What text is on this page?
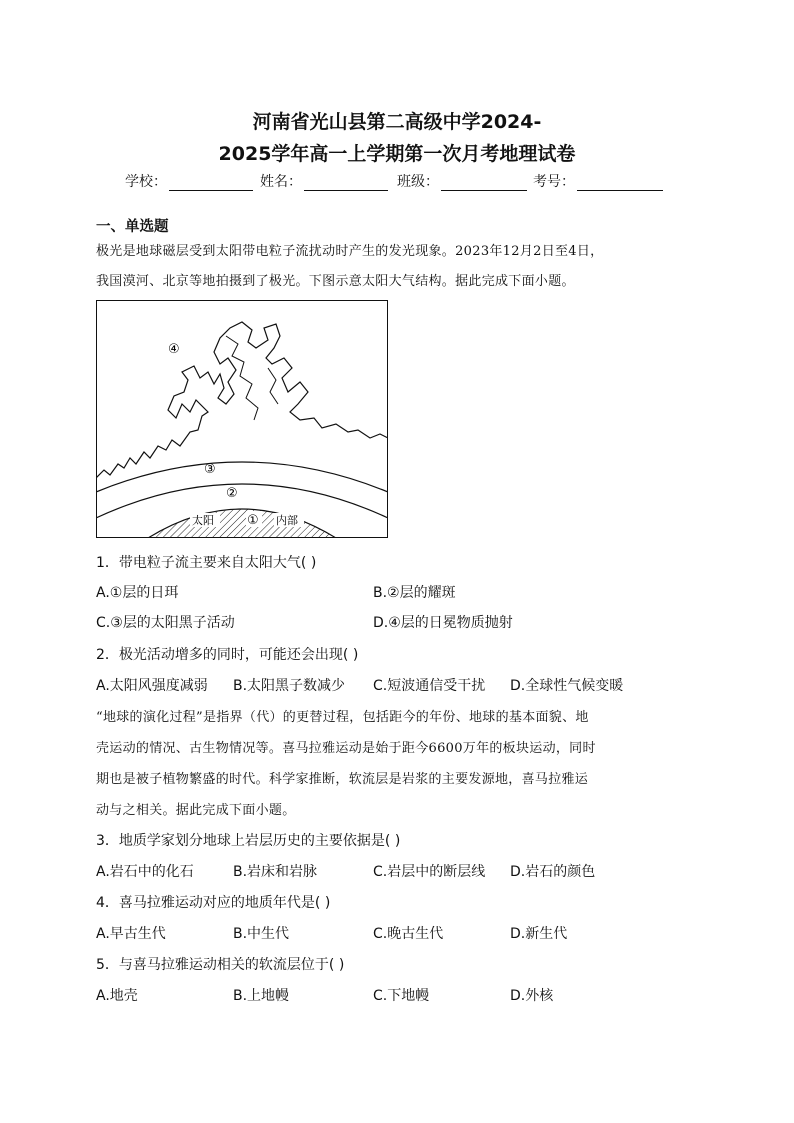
河南省光山县第二高级中学2024-
2025学年高一上学期第一次月考地理试卷
学校：	姓名：	班级：	考号：
一、单选题
极光是地球磁层受到太阳带电粒子流扰动时产生的发光现象。2023年12月2日至4日，
我国漠河、北京等地拍摄到了极光。下图示意太阳大气结构。据此完成下面小题。
④
③
②
太阳	① 内部
1．带电粒子流主要来自太阳大气( )
A.①层的日珥	B.②层的耀斑
C.③层的太阳黑子活动	D.④层的日冕物质抛射
2．极光活动增多的同时，可能还会出现( )
A.太阳风强度减弱 B.太阳黑子数减少 C.短波通信受干扰 D.全球性气候变暖
“地球的演化过程”是指界（代）的更替过程，包括距今的年份、地球的基本面貌、地
壳运动的情况、古生物情况等。喜马拉雅运动是始于距今6600万年的板块运动，同时
期也是被子植物繁盛的时代。科学家推断，软流层是岩浆的主要发源地，喜马拉雅运
动与之相关。据此完成下面小题。
3．地质学家划分地球上岩层历史的主要依据是( )
A.岩石中的化石	B.岩床和岩脉	C.岩层中的断层线 D.岩石的颜色
4．喜马拉雅运动对应的地质年代是( )
A.早古生代	B.中生代	C.晚古生代	D.新生代
5．与喜马拉雅运动相关的软流层位于( )
A.地壳	B.上地幔	C.下地幔	D.外核
